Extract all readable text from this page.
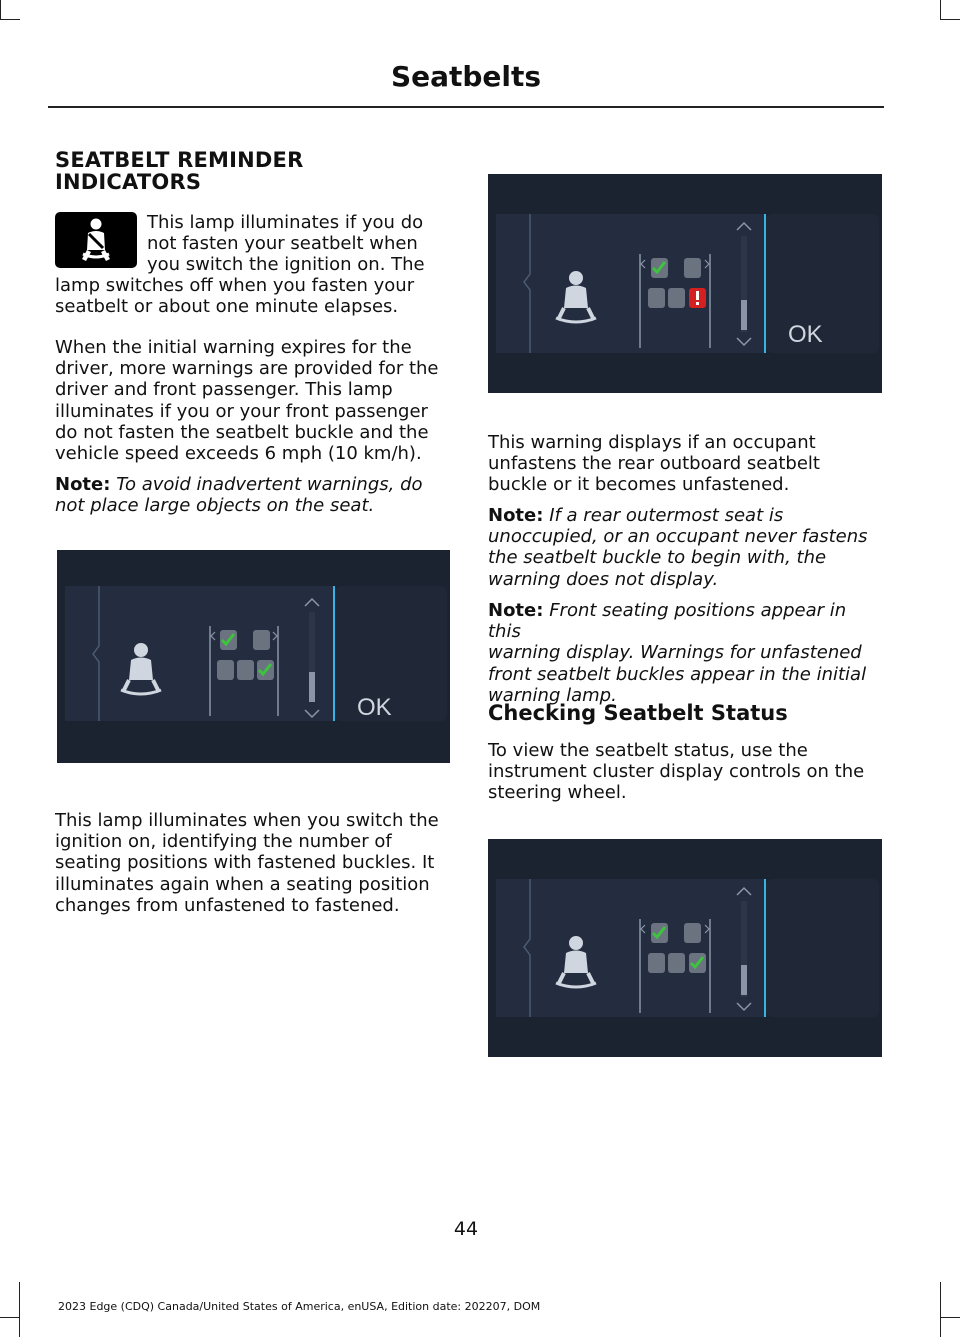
Seatbelts
SEATBELT REMINDER
INDICATORS

This lamp illuminates if you do

not fasten your seatbelt when

you switch the ignition on. The

lamp switches off when you fasten your

seatbelt or about one minute elapses.

When the initial warning expires for the

driver, more warnings are provided for the

driver and front passenger. This lamp

illuminates if you or your front passenger

do not fasten the seatbelt buckle and the

vehicle speed exceeds 6 mph (10 km/h).

Note: To avoid inadvertent warnings, do

not place large objects on the seat.

OK

This lamp illuminates when you switch the

ignition on, identifying the number of

seating positions with fastened buckles. It

illuminates again when a seating position

changes from unfastened to fastened.

OK

This warning displays if an occupant

unfastens the rear outboard seatbelt

buckle or it becomes unfastened.

Note: If a rear outermost seat is

unoccupied, or an occupant never fastens

the seatbelt buckle to begin with, the

warning does not display.

Note: Front seating positions appear in this

warning display. Warnings for unfastened

front seatbelt buckles appear in the initial

warning lamp.

Checking Seatbelt Status

To view the seatbelt status, use the

instrument cluster display controls on the

steering wheel.

44
2023 Edge (CDQ) Canada/United States of America, enUSA, Edition date: 202207, DOM
